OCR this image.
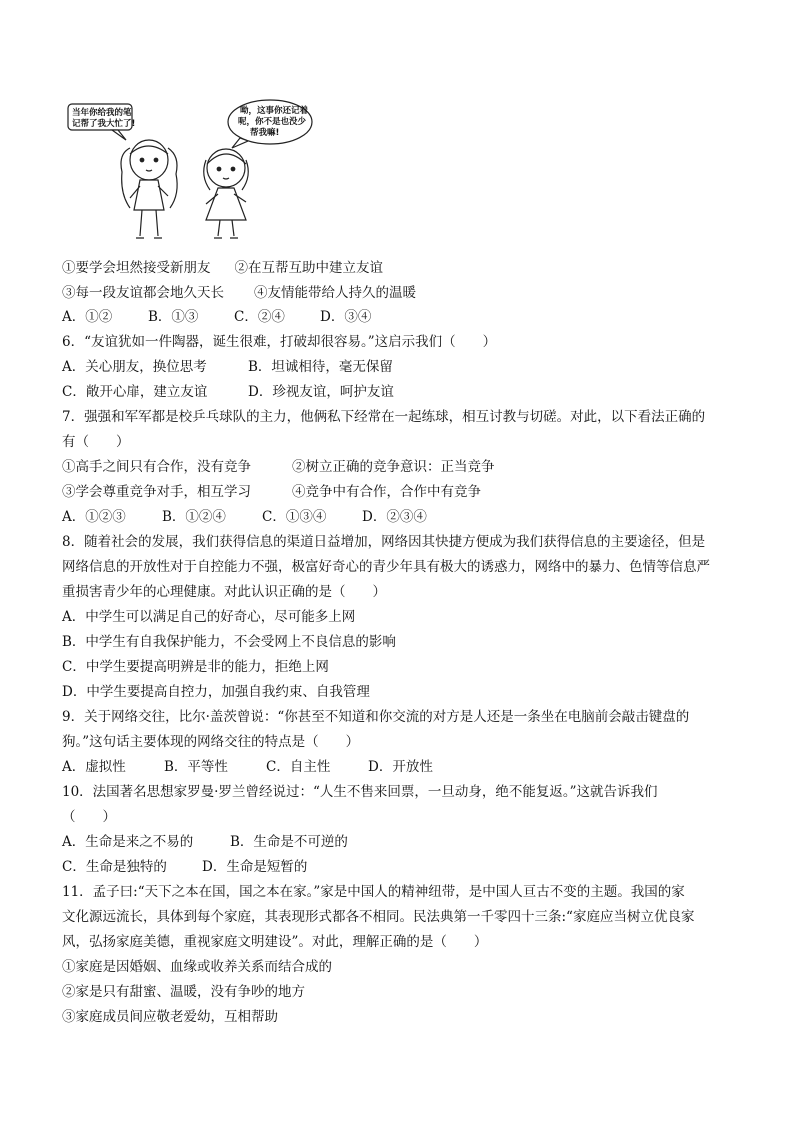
当年你给我的笔
记帮了我大忙了!
呦，这事你还记着
呢，你不是也没少
帮我嘛!
①要学会坦然接受新朋友 ②在互帮互助中建立友谊
③每一段友谊都会地久天长 ④友情能带给人持久的温暖
A．①②	B．①③	C．②④	D．③④
6．“友谊犹如一件陶器，诞生很难，打破却很容易。”这启示我们（　　）
A．关心朋友，换位思考	B．坦诚相待，毫无保留
C．敞开心扉，建立友谊	D．珍视友谊，呵护友谊
7．强强和军军都是校乒乓球队的主力，他俩私下经常在一起练球，相互讨教与切磋。对此，以下看法正确的
有（　　）
①高手之间只有合作，没有竞争	②树立正确的竞争意识：正当竞争
③学会尊重竞争对手，相互学习	④竞争中有合作，合作中有竞争
A．①②③	B．①②④	C．①③④	D．②③④
8．随着社会的发展，我们获得信息的渠道日益增加，网络因其快捷方便成为我们获得信息的主要途径，但是
网络信息的开放性对于自控能力不强，极富好奇心的青少年具有极大的诱惑力，网络中的暴力、色情等信息严
重损害青少年的心理健康。对此认识正确的是（　　）
A．中学生可以满足自己的好奇心，尽可能多上网
B．中学生有自我保护能力，不会受网上不良信息的影响
C．中学生要提高明辨是非的能力，拒绝上网
D．中学生要提高自控力，加强自我约束、自我管理
9．关于网络交往，比尔·盖茨曾说：“你甚至不知道和你交流的对方是人还是一条坐在电脑前会敲击键盘的
狗。”这句话主要体现的网络交往的特点是（　　）
A．虚拟性	B．平等性	C．自主性	D．开放性
10．法国著名思想家罗曼·罗兰曾经说过：“人生不售来回票，一旦动身，绝不能复返。”这就告诉我们
（　　）
A．生命是来之不易的	B．生命是不可逆的
C．生命是独特的	D．生命是短暂的
11．孟子曰:“天下之本在国，国之本在家。”家是中国人的精神纽带，是中国人亘古不变的主题。我国的家
文化源远流长，具体到每个家庭，其表现形式都各不相同。民法典第一千零四十三条:“家庭应当树立优良家
风，弘扬家庭美德，重视家庭文明建设”。对此，理解正确的是（　　）
①家庭是因婚姻、血缘或收养关系而结合成的
②家是只有甜蜜、温暖，没有争吵的地方
③家庭成员间应敬老爱幼，互相帮助
